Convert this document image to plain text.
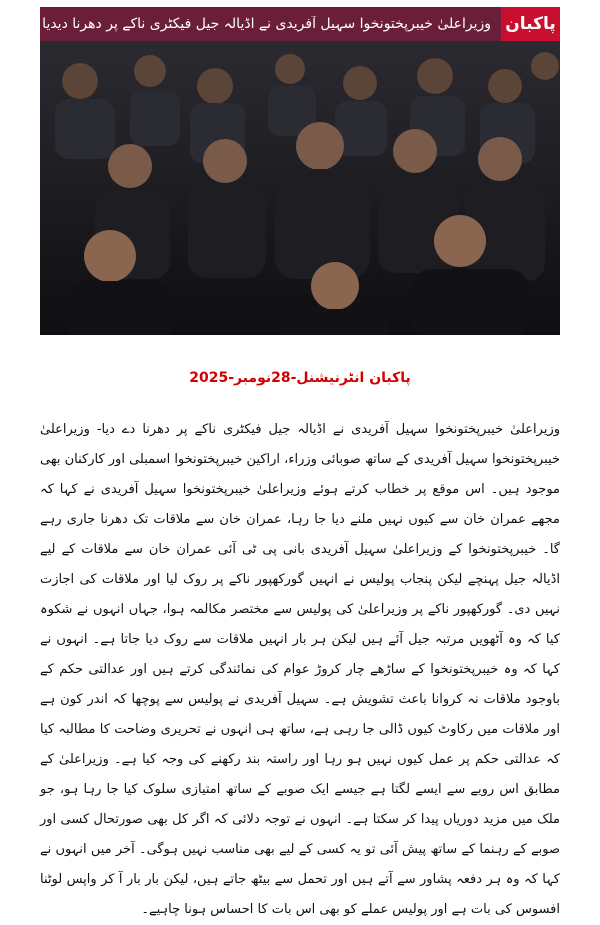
پاکبان
وزیراعلیٰ خیبرپختونخوا سہیل آفریدی نے اڈیالہ جیل فیکٹری ناکے پر دھرنا دیدیا
پاکبان انٹرنیشنل-28نومبر-2025

وزیراعلیٰ خیبرپختونخوا سہیل آفریدی نے اڈیالہ جیل فیکٹری ناکے پر دھرنا دے دیا- وزیراعلیٰ خیبرپختونخوا سہیل آفریدی کے ساتھ صوبائی وزراء، اراکین خیبرپختونخوا اسمبلی اور کارکنان بھی موجود ہیں۔ اس موقع پر خطاب کرتے ہوئے وزیراعلیٰ خیبرپختونخوا سہیل آفریدی نے کہا کہ مجھے عمران خان سے کیوں نہیں ملنے دیا جا رہا، عمران خان سے ملاقات تک دھرنا جاری رہے گا۔ خیبرپختونخوا کے وزیراعلیٰ سہیل آفریدی بانی پی ٹی آئی عمران خان سے ملاقات کے لیے اڈیالہ جیل پہنچے لیکن پنجاب پولیس نے انہیں گورکھپور ناکے پر روک لیا اور ملاقات کی اجازت نہیں دی۔ گورکھپور ناکے پر وزیراعلیٰ کی پولیس سے مختصر مکالمہ ہوا، جہاں انہوں نے شکوہ کیا کہ وہ آٹھویں مرتبہ جیل آئے ہیں لیکن ہر بار انہیں ملاقات سے روک دیا جاتا ہے۔ انہوں نے کہا کہ وہ خیبرپختونخوا کے ساڑھے چار کروڑ عوام کی نمائندگی کرتے ہیں اور عدالتی حکم کے باوجود ملاقات نہ کروانا باعث تشویش ہے۔ سہیل آفریدی نے پولیس سے پوچھا کہ اندر کون ہے اور ملاقات میں رکاوٹ کیوں ڈالی جا رہی ہے، ساتھ ہی انہوں نے تحریری وضاحت کا مطالبہ کیا کہ عدالتی حکم پر عمل کیوں نہیں ہو رہا اور راستہ بند رکھنے کی وجہ کیا ہے۔ وزیراعلیٰ کے مطابق اس رویے سے ایسے لگتا ہے جیسے ایک صوبے کے ساتھ امتیازی سلوک کیا جا رہا ہو، جو ملک میں مزید دوریاں پیدا کر سکتا ہے۔ انہوں نے توجہ دلائی کہ اگر کل بھی صورتحال کسی اور صوبے کے رہنما کے ساتھ پیش آئی تو یہ کسی کے لیے بھی مناسب نہیں ہوگی۔ آخر میں انہوں نے کہا کہ وہ ہر دفعہ پشاور سے آتے ہیں اور تحمل سے بیٹھ جاتے ہیں، لیکن بار بار آ کر واپس لوٹنا افسوس کی بات ہے اور پولیس عملے کو بھی اس بات کا احساس ہونا چاہیے۔
